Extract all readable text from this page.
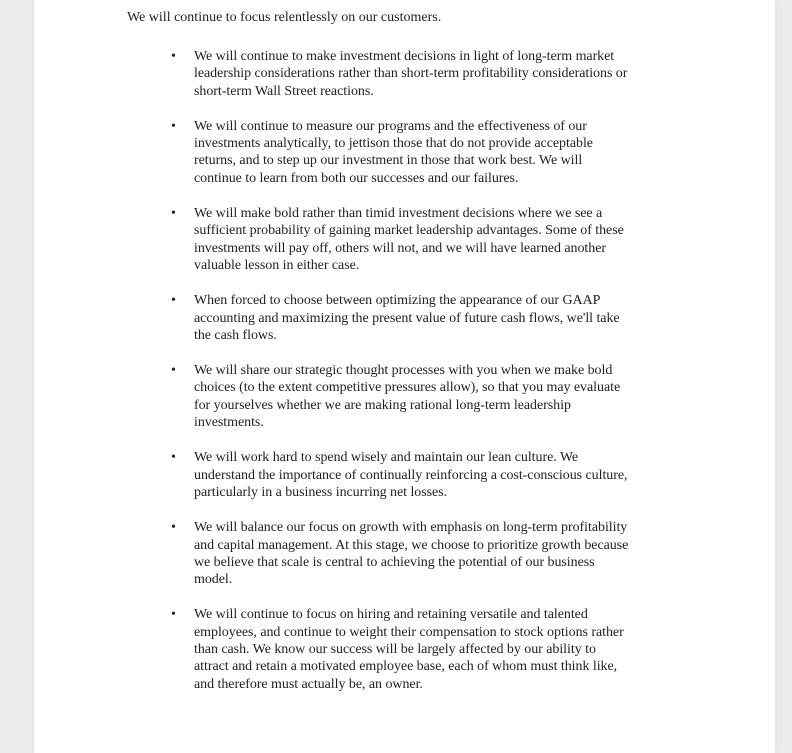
We will continue to focus relentlessly on our customers.

• We will continue to make investment decisions in light of long-term market
leadership considerations rather than short-term profitability considerations or
short-term Wall Street reactions.
• We will continue to measure our programs and the effectiveness of our
investments analytically, to jettison those that do not provide acceptable
returns, and to step up our investment in those that work best. We will
continue to learn from both our successes and our failures.
• We will make bold rather than timid investment decisions where we see a
sufficient probability of gaining market leadership advantages. Some of these
investments will pay off, others will not, and we will have learned another
valuable lesson in either case.
• When forced to choose between optimizing the appearance of our GAAP
accounting and maximizing the present value of future cash flows, we'll take
the cash flows.
• We will share our strategic thought processes with you when we make bold
choices (to the extent competitive pressures allow), so that you may evaluate
for yourselves whether we are making rational long-term leadership
investments.
• We will work hard to spend wisely and maintain our lean culture. We
understand the importance of continually reinforcing a cost-conscious culture,
particularly in a business incurring net losses.
• We will balance our focus on growth with emphasis on long-term profitability
and capital management. At this stage, we choose to prioritize growth because
we believe that scale is central to achieving the potential of our business
model.
• We will continue to focus on hiring and retaining versatile and talented
employees, and continue to weight their compensation to stock options rather
than cash. We know our success will be largely affected by our ability to
attract and retain a motivated employee base, each of whom must think like,
and therefore must actually be, an owner.
